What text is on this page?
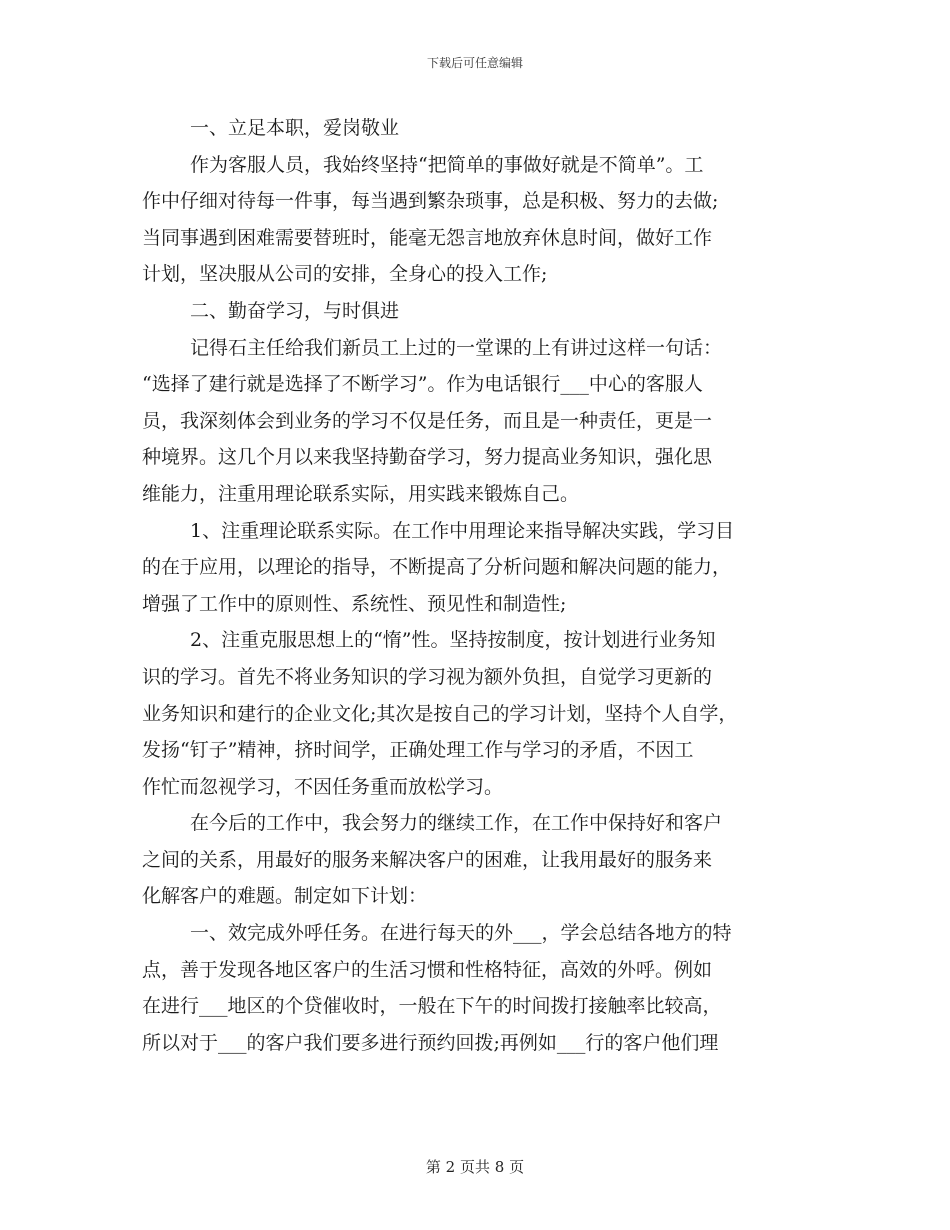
下载后可任意编辑
一、立足本职，爱岗敬业
作为客服人员，我始终坚持“把简单的事做好就是不简单”。工
作中仔细对待每一件事，每当遇到繁杂琐事，总是积极、努力的去做;
当同事遇到困难需要替班时，能毫无怨言地放弃休息时间，做好工作
计划，坚决服从公司的安排，全身心的投入工作;
二、勤奋学习，与时俱进
记得石主任给我们新员工上过的一堂课的上有讲过这样一句话：
“选择了建行就是选择了不断学习”。作为电话银行___中心的客服人
员，我深刻体会到业务的学习不仅是任务，而且是一种责任，更是一
种境界。这几个月以来我坚持勤奋学习，努力提高业务知识，强化思
维能力，注重用理论联系实际，用实践来锻炼自己。
1、注重理论联系实际。在工作中用理论来指导解决实践，学习目
的在于应用，以理论的指导，不断提高了分析问题和解决问题的能力，
增强了工作中的原则性、系统性、预见性和制造性;
2、注重克服思想上的“惰”性。坚持按制度，按计划进行业务知
识的学习。首先不将业务知识的学习视为额外负担，自觉学习更新的
业务知识和建行的企业文化;其次是按自己的学习计划，坚持个人自学，
发扬“钉子”精神，挤时间学，正确处理工作与学习的矛盾，不因工
作忙而忽视学习，不因任务重而放松学习。
在今后的工作中，我会努力的继续工作，在工作中保持好和客户
之间的关系，用最好的服务来解决客户的困难，让我用最好的服务来
化解客户的难题。制定如下计划：
一、效完成外呼任务。在进行每天的外___，学会总结各地方的特
点，善于发现各地区客户的生活习惯和性格特征，高效的外呼。例如
在进行___地区的个贷催收时，一般在下午的时间拨打接触率比较高，
所以对于___的客户我们要多进行预约回拨;再例如___行的客户他们理
第 2 页共 8 页
